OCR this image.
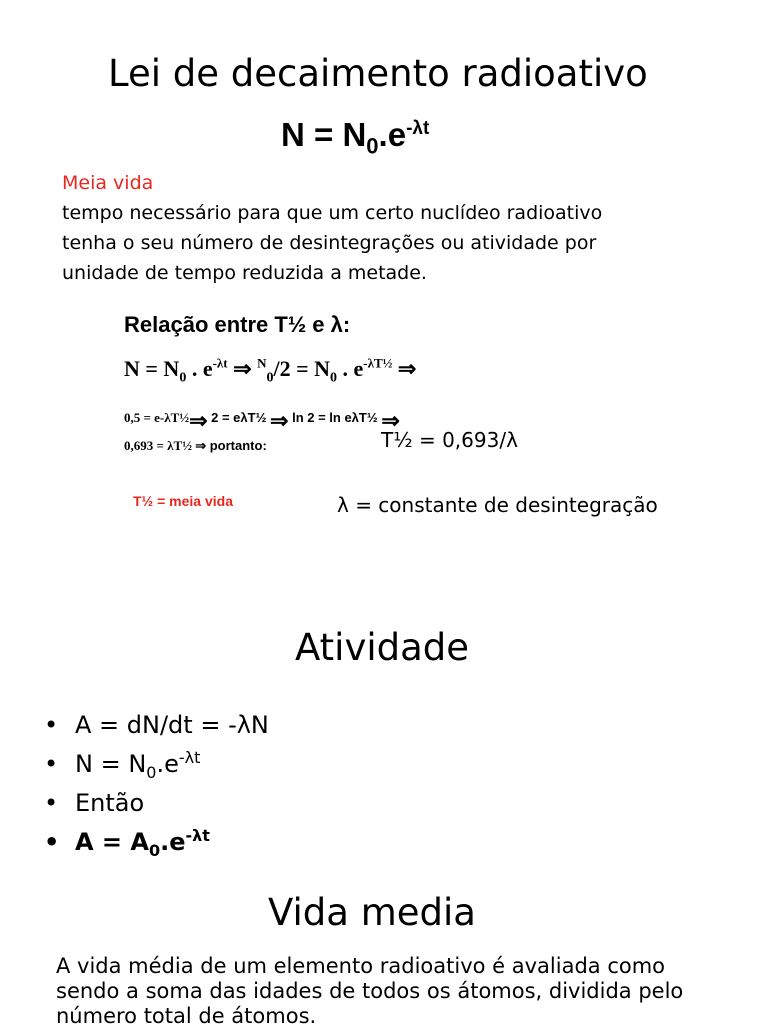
Lei de decaimento radioativo
$N = N_0.e^{-\lambda t}$
Meia vida
tempo necessário para que um certo nuclídeo radioativo
tenha o seu número de desintegrações ou atividade por
unidade de tempo reduzida a metade.
Relação entre T½ e λ:
$N = N_0$ . $e^{-\lambda t}$ ⇒ $^N_0/2 = N_0$ . $e^{-\lambda T\frac{1}{2}}$ ⇒
0,5 = e-λT½⇒ 2 = eλT½ ⇒ ln 2 = ln eλT½ ⇒
0,693 = λT½ ⇒ portanto:	T½ = 0,693/λ
T½ = meia vida	λ = constante de desintegração
Atividade
• A = dN/dt = -λN
• $N = N_0.e^{-\lambda t}$
• Então
• $A = A_0.e^{-\lambda t}$
Vida media
A vida média de um elemento radioativo é avaliada como
sendo a soma das idades de todos os átomos, dividida pelo
número total de átomos.
